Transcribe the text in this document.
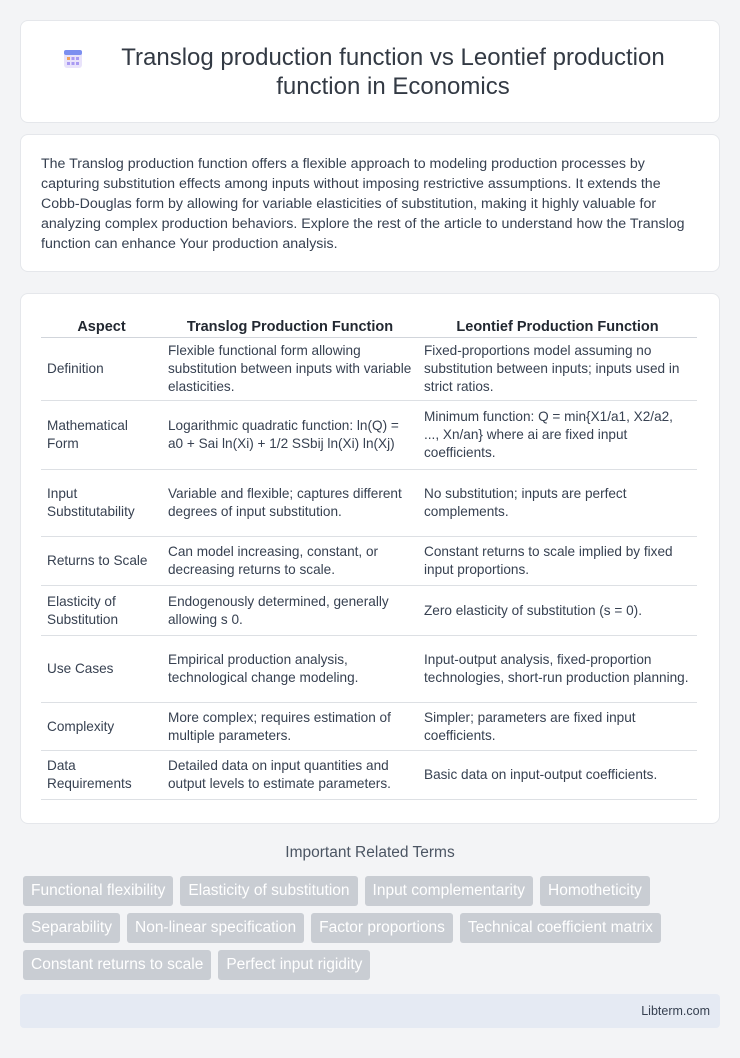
Translog production function vs Leontief production function in Economics

The Translog production function offers a flexible approach to modeling production processes by capturing substitution effects among inputs without imposing restrictive assumptions. It extends the Cobb-Douglas form by allowing for variable elasticities of substitution, making it highly valuable for analyzing complex production behaviors. Explore the rest of the article to understand how the Translog function can enhance Your production analysis.

Aspect	Translog Production Function	Leontief Production Function
Definition	Flexible functional form allowing substitution between inputs with variable elasticities.	Fixed-proportions model assuming no substitution between inputs; inputs used in strict ratios.
Mathematical Form	Logarithmic quadratic function: ln(Q) = a0 + Sai ln(Xi) + 1/2 SSbij ln(Xi) ln(Xj)	Minimum function: Q = min{X1/a1, X2/a2, ..., Xn/an} where ai are fixed input coefficients.
Input Substitutability	Variable and flexible; captures different degrees of input substitution.	No substitution; inputs are perfect complements.
Returns to Scale	Can model increasing, constant, or decreasing returns to scale.	Constant returns to scale implied by fixed input proportions.
Elasticity of Substitution	Endogenously determined, generally allowing s 0.	Zero elasticity of substitution (s = 0).
Use Cases	Empirical production analysis, technological change modeling.	Input-output analysis, fixed-proportion technologies, short-run production planning.
Complexity	More complex; requires estimation of multiple parameters.	Simpler; parameters are fixed input coefficients.
Data Requirements	Detailed data on input quantities and output levels to estimate parameters.	Basic data on input-output coefficients.
Important Related Terms
Functional flexibility	Elasticity of substitution	Input complementarity	Homotheticity
Separability	Non-linear specification	Factor proportions	Technical coefficient matrix
Constant returns to scale	Perfect input rigidity
Libterm.com
